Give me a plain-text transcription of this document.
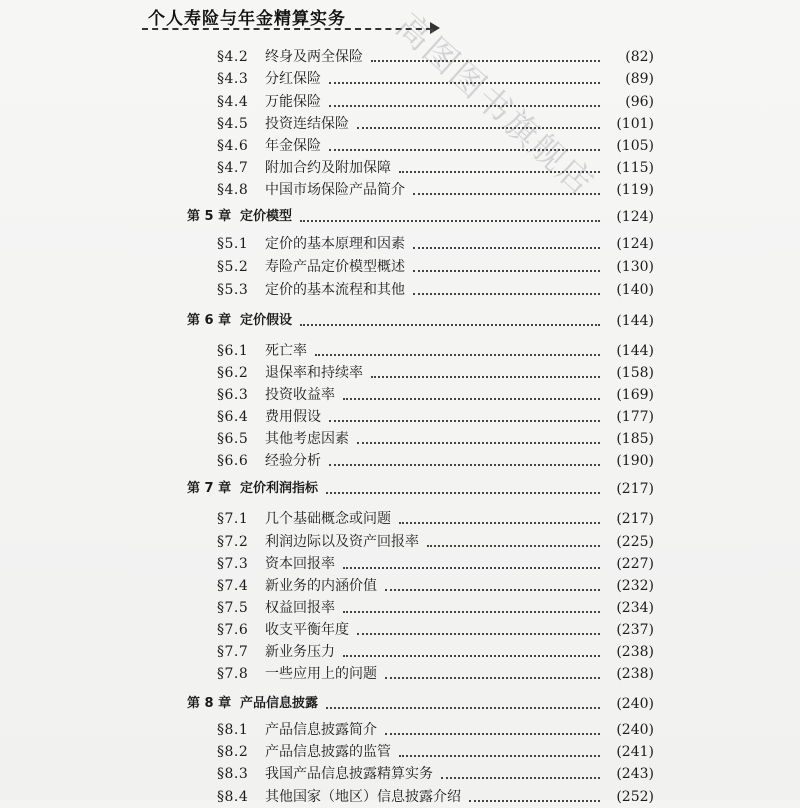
个人寿险与年金精算实务 高图图书旗舰店
§4.2	终身及两全保险	(82)
§4.3	分红保险	(89)
§4.4	万能保险	(96)
§4.5	投资连结保险	(101)
§4.6	年金保险	(105)
§4.7	附加合约及附加保障	(115)
§4.8	中国市场保险产品简介	(119)
第 5 章 定价模型	(124)
§5.1	定价的基本原理和因素	(124)
§5.2	寿险产品定价模型概述	(130)
§5.3	定价的基本流程和其他	(140)
第 6 章 定价假设	(144)
§6.1	死亡率	(144)
§6.2	退保率和持续率	(158)
§6.3	投资收益率	(169)
§6.4	费用假设	(177)
§6.5	其他考虑因素	(185)
§6.6	经验分析	(190)
第 7 章 定价利润指标	(217)
§7.1	几个基础概念或问题	(217)
§7.2	利润边际以及资产回报率	(225)
§7.3	资本回报率	(227)
§7.4	新业务的内涵价值	(232)
§7.5	权益回报率	(234)
§7.6	收支平衡年度	(237)
§7.7	新业务压力	(238)
§7.8	一些应用上的问题	(238)
第 8 章 产品信息披露	(240)
§8.1	产品信息披露简介	(240)
§8.2	产品信息披露的监管	(241)
§8.3	我国产品信息披露精算实务	(243)
§8.4	其他国家（地区）信息披露介绍	(252)
